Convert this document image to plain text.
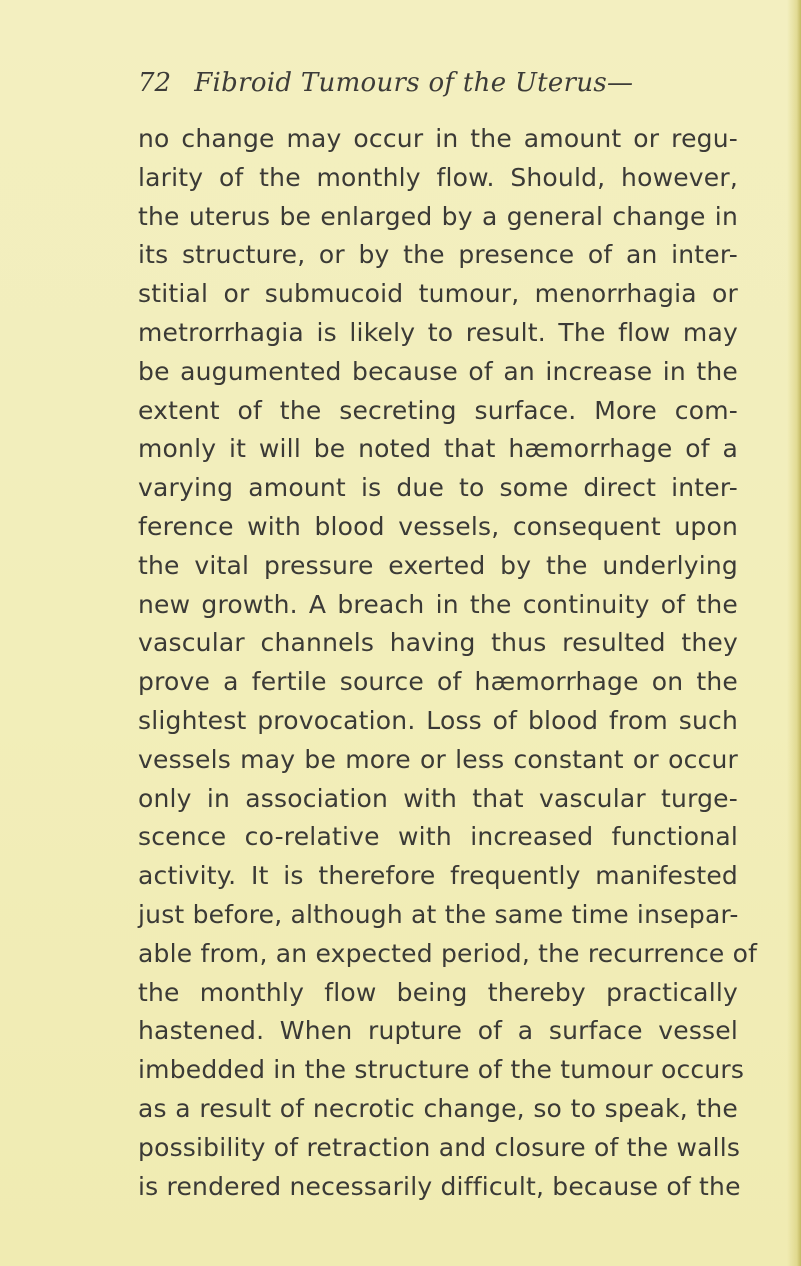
72 Fibroid Tumours of the Uterus—
no change may occur in the amount or regu-
larity of the monthly flow. Should, however,
the uterus be enlarged by a general change in
its structure, or by the presence of an inter-
stitial or submucoid tumour, menorrhagia or
metrorrhagia is likely to result. The flow may
be augumented because of an increase in the
extent of the secreting surface. More com-
monly it will be noted that hæmorrhage of a
varying amount is due to some direct inter-
ference with blood vessels, consequent upon
the vital pressure exerted by the underlying
new growth. A breach in the continuity of the
vascular channels having thus resulted they
prove a fertile source of hæmorrhage on the
slightest provocation. Loss of blood from such
vessels may be more or less constant or occur
only in association with that vascular turge-
scence co-relative with increased functional
activity. It is therefore frequently manifested
just before, although at the same time insepar-
able from, an expected period, the recurrence of
the monthly flow being thereby practically
hastened. When rupture of a surface vessel
imbedded in the structure of the tumour occurs
as a result of necrotic change, so to speak, the
possibility of retraction and closure of the walls
is rendered necessarily difficult, because of the
